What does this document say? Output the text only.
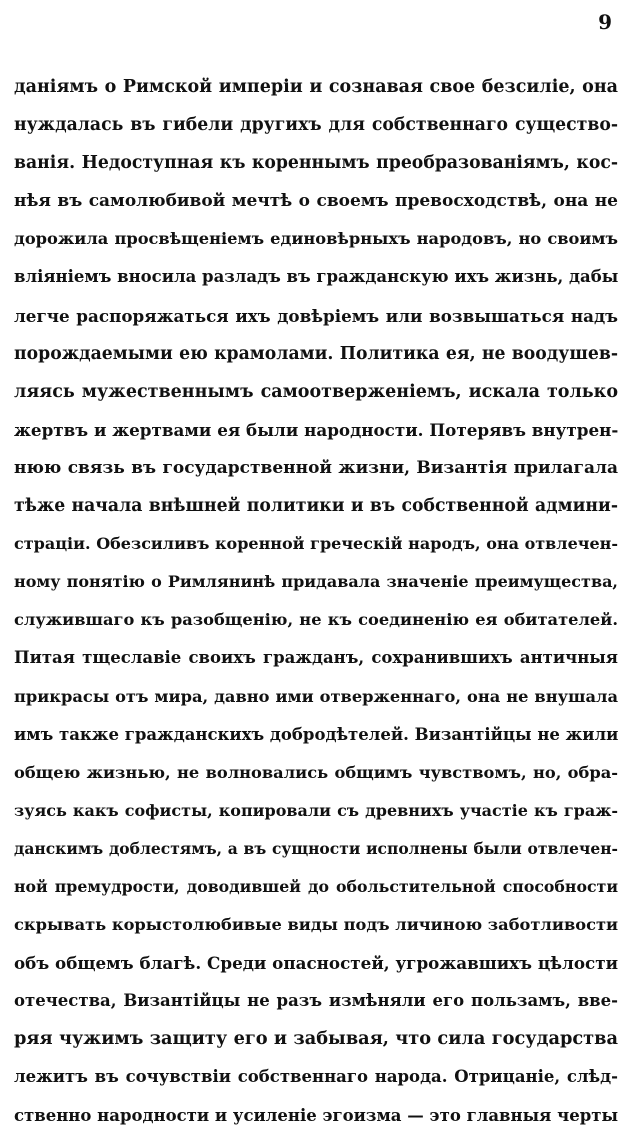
9
даніямъ о Римской имперіи и сознавая свое безсиліе, она
нуждалась въ гибели другихъ для собственнаго существо-
ванія. Недоступная къ кореннымъ преобразованіямъ, кос-
нѣя въ самолюбивой мечтѣ о своемъ превосходствѣ, она не
дорожила просвѣщеніемъ единовѣрныхъ народовъ, но своимъ
вліяніемъ вносила разладъ въ гражданскую ихъ жизнь, дабы
легче распоряжаться ихъ довѣріемъ или возвышаться надъ
порождаемыми ею крамолами. Политика ея, не воодушев-
ляясь мужественнымъ самоотверженіемъ, искала только
жертвъ и жертвами ея были народности. Потерявъ внутрен-
нюю связь въ государственной жизни, Византія прилагала
тѣже начала внѣшней политики и въ собственной админи-
страціи. Обезсиливъ коренной греческій народъ, она отвлечен-
ному понятію о Римлянинѣ придавала значеніе преимущества,
служившаго къ разобщенію, не къ соединенію ея обитателей.
Питая тщеславіе своихъ гражданъ, сохранившихъ античныя
прикрасы отъ мира, давно ими отверженнаго, она не внушала
имъ также гражданскихъ добродѣтелей. Византійцы не жили
общею жизнью, не волновались общимъ чувствомъ, но, обра-
зуясь какъ софисты, копировали съ древнихъ участіе къ граж-
данскимъ доблестямъ, а въ сущности исполнены были отвлечен-
ной премудрости, доводившей до обольстительной способности
скрывать корыстолюбивые виды подъ личиною заботливости
объ общемъ благѣ. Среди опасностей, угрожавшихъ цѣлости
отечества, Византійцы не разъ измѣняли его пользамъ, вве-
ряя чужимъ защиту его и забывая, что сила государства
лежитъ въ сочувствіи собственнаго народа. Отрицаніе, слѣд-
ственно народности и усиленіе эгоизма — это главныя черты
